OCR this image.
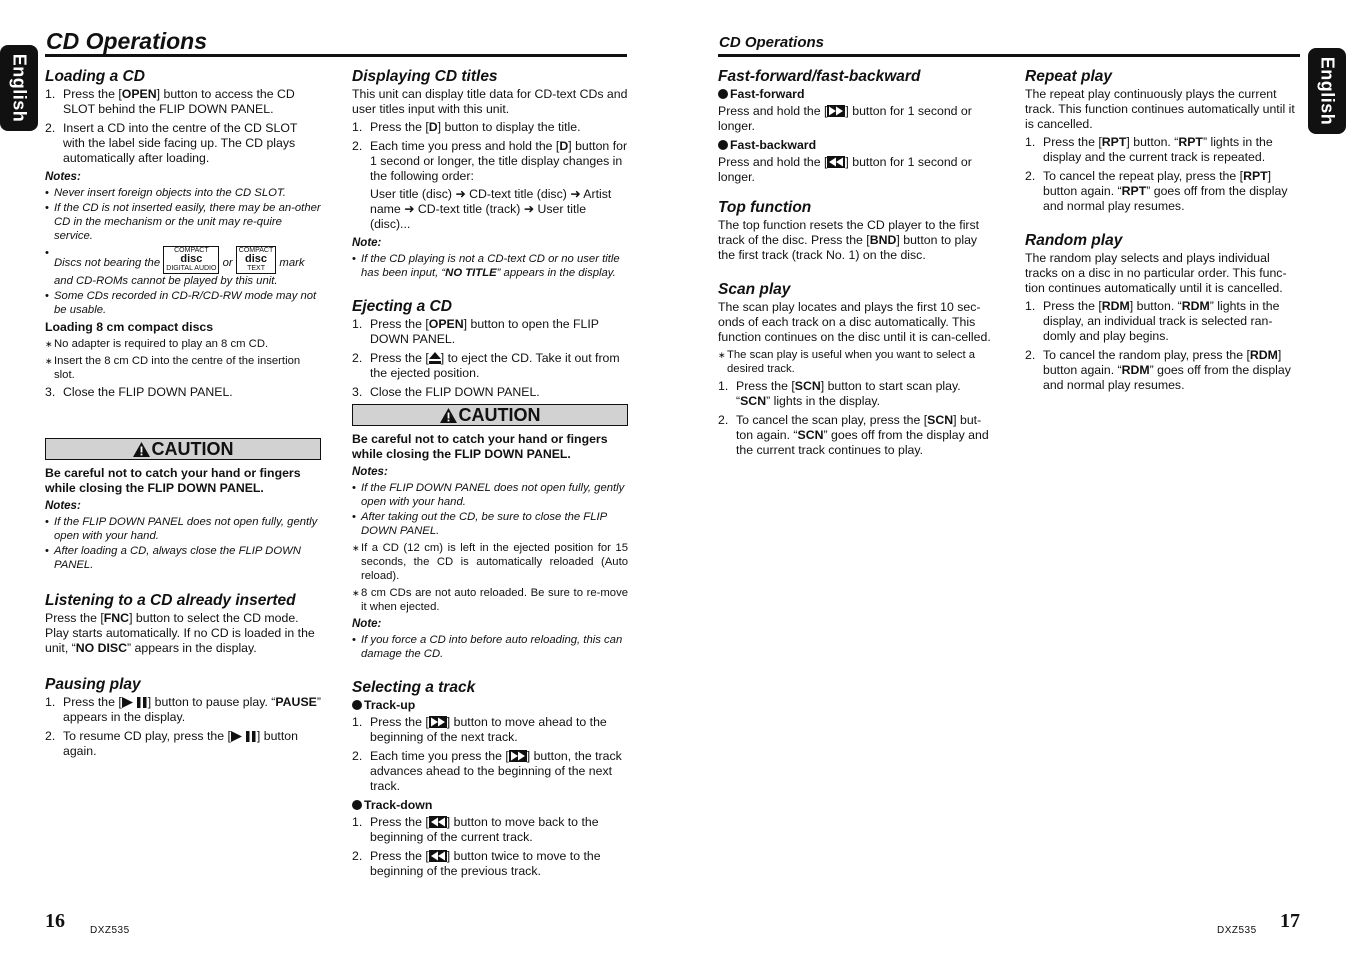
English	English
CD Operations	CD Operations
Loading a CD
1. Press the [OPEN] button to access the CD SLOT behind the FLIP DOWN PANEL.
2. Insert a CD into the centre of the CD SLOT with the label side facing up. The CD plays automatically after loading.
Notes:
• Never insert foreign objects into the CD SLOT.
• If the CD is not inserted easily, there may be an-other CD in the mechanism or the unit may re-quire service.
• Discs not bearing the COMPACT
disc
DIGITAL AUDIO or COMPACT
disc
TEXT mark and CD-ROMs cannot be played by this unit.
• Some CDs recorded in CD-R/CD-RW mode may not be usable.
Loading 8 cm compact discs
∗ No adapter is required to play an 8 cm CD.
∗ Insert the 8 cm CD into the centre of the insertion slot.
3. Close the FLIP DOWN PANEL.
CAUTION
Be careful not to catch your hand or fingers while closing the FLIP DOWN PANEL.
Notes:
• If the FLIP DOWN PANEL does not open fully, gently open with your hand.
• After loading a CD, always close the FLIP DOWN PANEL.
Listening to a CD already inserted

Press the [FNC] button to select the CD mode. Play starts automatically. If no CD is loaded in the unit, “NO DISC” appears in the display.

Pausing play
1. Press the [ ] button to pause play. “PAUSE” appears in the display.
2. To resume CD play, press the [ ] button again.
Displaying CD titles

This unit can display title data for CD-text CDs and user titles input with this unit.

1. Press the [D] button to display the title.
2. Each time you press and hold the [D] button for 1 second or longer, the title display changes in the following order:
User title (disc) ➜ CD-text title (disc) ➜ Artist name ➜ CD-text title (track) ➜ User title (disc)...
Note:
• If the CD playing is not a CD-text CD or no user title has been input, “NO TITLE” appears in the display.
Ejecting a CD
1. Press the [OPEN] button to open the FLIP DOWN PANEL.
2. Press the [ ] to eject the CD. Take it out from the ejected position.
3. Close the FLIP DOWN PANEL.
CAUTION
Be careful not to catch your hand or fingers while closing the FLIP DOWN PANEL.
Notes:
• If the FLIP DOWN PANEL does not open fully, gently open with your hand.
• After taking out the CD, be sure to close the FLIP DOWN PANEL.
∗ If a CD (12 cm) is left in the ejected position for 15 seconds, the CD is automatically reloaded (Auto reload).
∗ 8 cm CDs are not auto reloaded. Be sure to re-move it when ejected.
Note:
• If you force a CD into before auto reloading, this can damage the CD.
Selecting a track
Track-up
1. Press the [ ] button to move ahead to the beginning of the next track.
2. Each time you press the [ ] button, the track advances ahead to the beginning of the next track.
Track-down
1. Press the [ ] button to move back to the beginning of the current track.
2. Press the [ ] button twice to move to the beginning of the previous track.
Fast-forward/fast-backward
Fast-forward

Press and hold the [ ] button for 1 second or longer.

Fast-backward

Press and hold the [ ] button for 1 second or longer.

Top function

The top function resets the CD player to the first track of the disc. Press the [BND] button to play the first track (track No. 1) on the disc.

Scan play

The scan play locates and plays the first 10 sec-onds of each track on a disc automatically. This function continues on the disc until it is can-celled.

∗ The scan play is useful when you want to select a desired track.
1. Press the [SCN] button to start scan play. “SCN” lights in the display.
2. To cancel the scan play, press the [SCN] but-ton again. “SCN” goes off from the display and the current track continues to play.
Repeat play

The repeat play continuously plays the current track. This function continues automatically until it is cancelled.

1. Press the [RPT] button. “RPT” lights in the display and the current track is repeated.
2. To cancel the repeat play, press the [RPT] button again. “RPT” goes off from the display and normal play resumes.
Random play

The random play selects and plays individual tracks on a disc in no particular order. This func-tion continues automatically until it is cancelled.

1. Press the [RDM] button. “RDM” lights in the display, an individual track is selected ran-domly and play begins.
2. To cancel the random play, press the [RDM] button again. “RDM” goes off from the display and normal play resumes.
16	DXZ535	DXZ535 17
